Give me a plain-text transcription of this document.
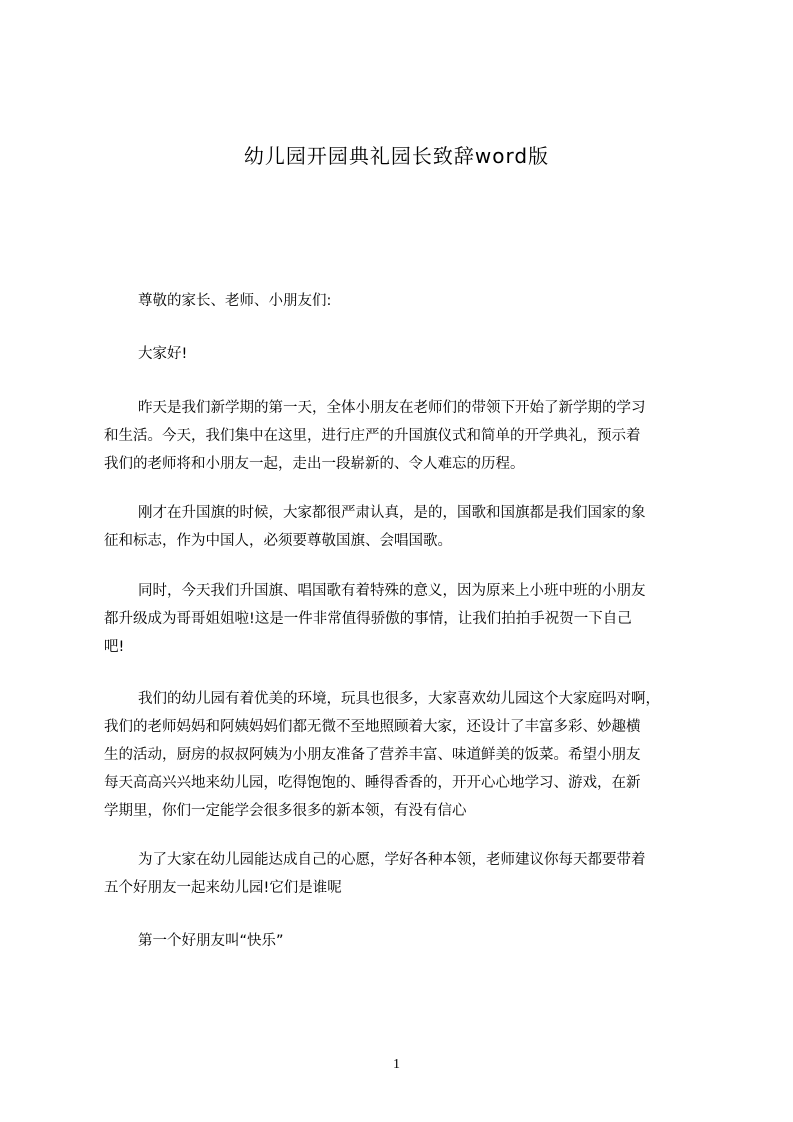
幼儿园开园典礼园长致辞word版
尊敬的家长、老师、小朋友们:
大家好!
昨天是我们新学期的第一天，全体小朋友在老师们的带领下开始了新学期的学习
和生活。今天，我们集中在这里，进行庄严的升国旗仪式和简单的开学典礼，预示着
我们的老师将和小朋友一起，走出一段崭新的、令人难忘的历程。
刚才在升国旗的时候，大家都很严肃认真，是的，国歌和国旗都是我们国家的象
征和标志，作为中国人，必须要尊敬国旗、会唱国歌。
同时，今天我们升国旗、唱国歌有着特殊的意义，因为原来上小班中班的小朋友
都升级成为哥哥姐姐啦!这是一件非常值得骄傲的事情，让我们拍拍手祝贺一下自己
吧!
我们的幼儿园有着优美的环境，玩具也很多，大家喜欢幼儿园这个大家庭吗对啊，
我们的老师妈妈和阿姨妈妈们都无微不至地照顾着大家，还设计了丰富多彩、妙趣横
生的活动，厨房的叔叔阿姨为小朋友准备了营养丰富、味道鲜美的饭菜。希望小朋友
每天高高兴兴地来幼儿园，吃得饱饱的、睡得香香的，开开心心地学习、游戏，在新
学期里，你们一定能学会很多很多的新本领，有没有信心
为了大家在幼儿园能达成自己的心愿，学好各种本领，老师建议你每天都要带着
五个好朋友一起来幼儿园!它们是谁呢
第一个好朋友叫“快乐”
1
